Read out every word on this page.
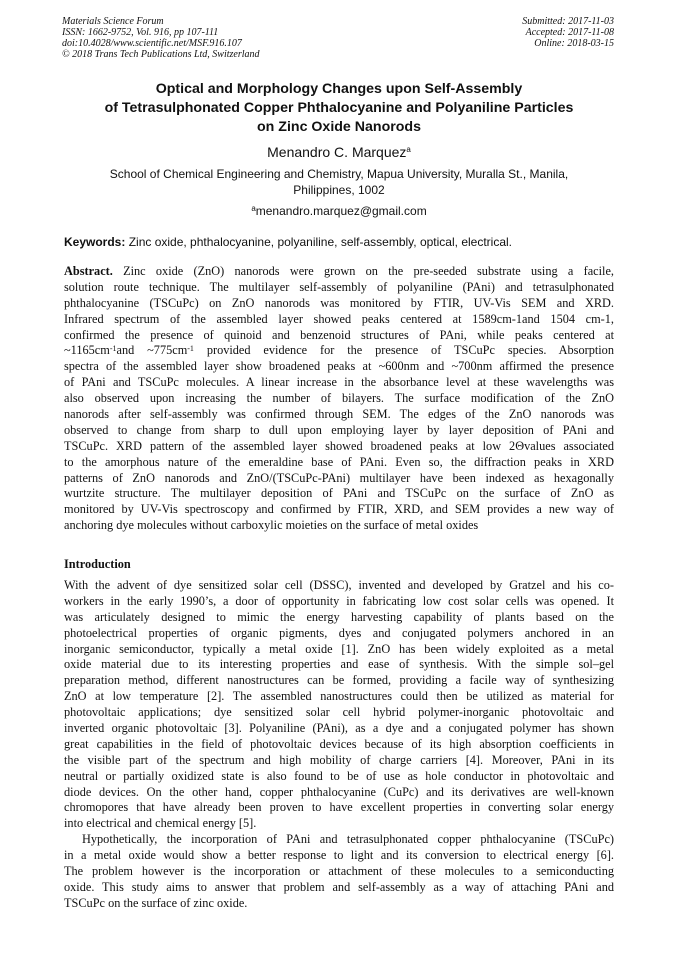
Materials Science Forum
ISSN: 1662-9752, Vol. 916, pp 107-111
doi:10.4028/www.scientific.net/MSF.916.107
© 2018 Trans Tech Publications Ltd, Switzerland
Submitted: 2017-11-03
Accepted: 2017-11-08
Online: 2018-03-15
Optical and Morphology Changes upon Self-Assembly
of Tetrasulphonated Copper Phthalocyanine and Polyaniline Particles
on Zinc Oxide Nanorods
Menandro C. Marquez$^a$
School of Chemical Engineering and Chemistry, Mapua University, Muralla St., Manila,
Philippines, 1002
$^a$menandro.marquez@gmail.com
Keywords: Zinc oxide, phthalocyanine, polyaniline, self-assembly, optical, electrical.
Abstract. Zinc oxide (ZnO) nanorods were grown on the pre-seeded substrate using a facile,
solution route technique. The multilayer self-assembly of polyaniline (PAni) and tetrasulphonated
phthalocyanine (TSCuPc) on ZnO nanorods was monitored by FTIR, UV-Vis SEM and XRD.
Infrared spectrum of the assembled layer showed peaks centered at 1589cm-1and 1504 cm-1,
confirmed the presence of quinoid and benzenoid structures of PAni, while peaks centered at
$\sim 1165cm^{-1}and$ $\sim 775cm^{-1}$ provided evidence for the presence of TSCuPc species. Absorption
spectra of the assembled layer show broadened peaks at ~600nm and ~700nm affirmed the presence
of PAni and TSCuPc molecules. A linear increase in the absorbance level at these wavelengths was
also observed upon increasing the number of bilayers. The surface modification of the ZnO
nanorods after self-assembly was confirmed through SEM. The edges of the ZnO nanorods was
observed to change from sharp to dull upon employing layer by layer deposition of PAni and
TSCuPc. XRD pattern of the assembled layer showed broadened peaks at low 2Θvalues associated
to the amorphous nature of the emeraldine base of PAni. Even so, the diffraction peaks in XRD
patterns of ZnO nanorods and ZnO/(TSCuPc-PAni) multilayer have been indexed as hexagonally
wurtzite structure. The multilayer deposition of PAni and TSCuPc on the surface of ZnO as
monitored by UV-Vis spectroscopy and confirmed by FTIR, XRD, and SEM provides a new way of
anchoring dye molecules without carboxylic moieties on the surface of metal oxides
Introduction
With the advent of dye sensitized solar cell (DSSC), invented and developed by Gratzel and his co-
workers in the early 1990’s, a door of opportunity in fabricating low cost solar cells was opened. It
was articulately designed to mimic the energy harvesting capability of plants based on the
photoelectrical properties of organic pigments, dyes and conjugated polymers anchored in an
inorganic semiconductor, typically a metal oxide [1]. ZnO has been widely exploited as a metal
oxide material due to its interesting properties and ease of synthesis. With the simple sol–gel
preparation method, different nanostructures can be formed, providing a facile way of synthesizing
ZnO at low temperature [2]. The assembled nanostructures could then be utilized as material for
photovoltaic applications; dye sensitized solar cell hybrid polymer-inorganic photovoltaic and
inverted organic photovoltaic [3]. Polyaniline (PAni), as a dye and a conjugated polymer has shown
great capabilities in the field of photovoltaic devices because of its high absorption coefficients in
the visible part of the spectrum and high mobility of charge carriers [4]. Moreover, PAni in its
neutral or partially oxidized state is also found to be of use as hole conductor in photovoltaic and
diode devices. On the other hand, copper phthalocyanine (CuPc) and its derivatives are well-known
chromopores that have already been proven to have excellent properties in converting solar energy
into electrical and chemical energy [5].
Hypothetically, the incorporation of PAni and tetrasulphonated copper phthalocyanine (TSCuPc)
in a metal oxide would show a better response to light and its conversion to electrical energy [6].
The problem however is the incorporation or attachment of these molecules to a semiconducting
oxide. This study aims to answer that problem and self-assembly as a way of attaching PAni and
TSCuPc on the surface of zinc oxide.
